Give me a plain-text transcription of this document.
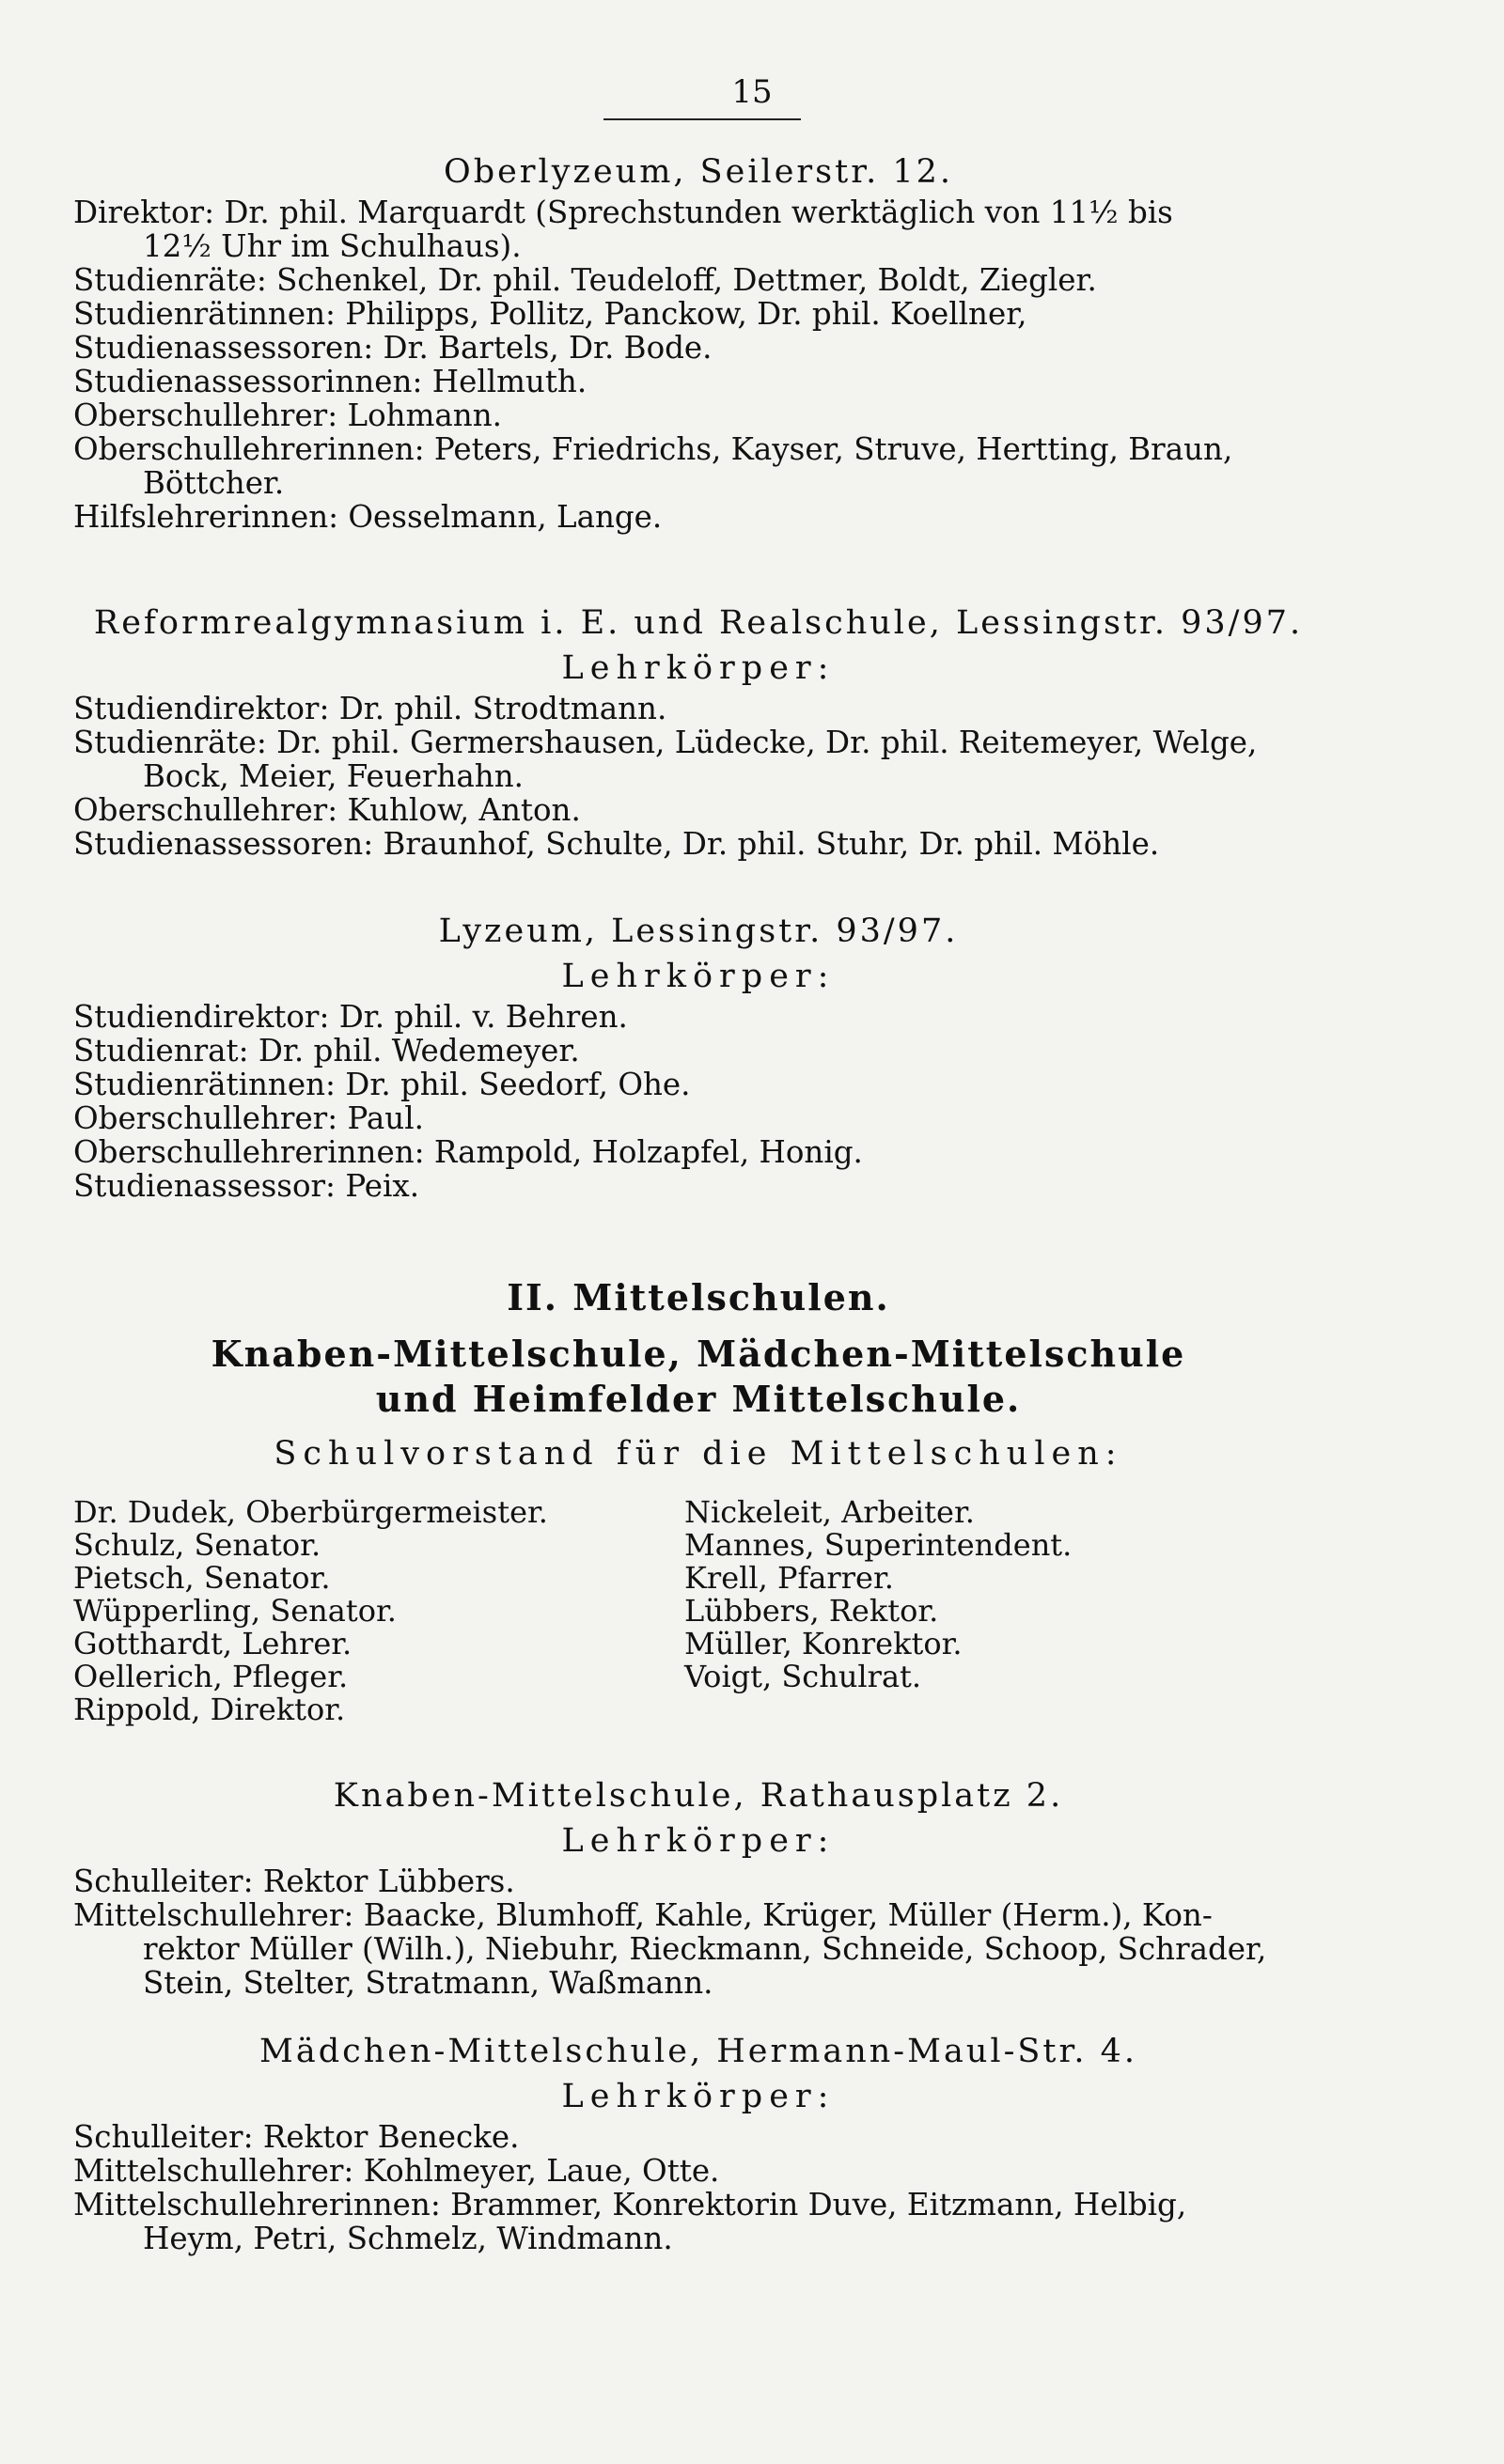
15
Oberlyzeum, Seilerstr. 12.
Direktor: Dr. phil. Marquardt (Sprechstunden werktäglich von 11½ bis
12½ Uhr im Schulhaus).
Studienräte: Schenkel, Dr. phil. Teudeloff, Dettmer, Boldt, Ziegler.
Studienrätinnen: Philipps, Pollitz, Panckow, Dr. phil. Koellner,
Studienassessoren: Dr. Bartels, Dr. Bode.
Studienassessorinnen: Hellmuth.
Oberschullehrer: Lohmann.
Oberschullehrerinnen: Peters, Friedrichs, Kayser, Struve, Hertting, Braun,
Böttcher.
Hilfslehrerinnen: Oesselmann, Lange.
Reformrealgymnasium i. E. und Realschule, Lessingstr. 93/97.
Lehrkörper:
Studiendirektor: Dr. phil. Strodtmann.
Studienräte: Dr. phil. Germershausen, Lüdecke, Dr. phil. Reitemeyer, Welge,
Bock, Meier, Feuerhahn.
Oberschullehrer: Kuhlow, Anton.
Studienassessoren: Braunhof, Schulte, Dr. phil. Stuhr, Dr. phil. Möhle.
Lyzeum, Lessingstr. 93/97.
Lehrkörper:
Studiendirektor: Dr. phil. v. Behren.
Studienrat: Dr. phil. Wedemeyer.
Studienrätinnen: Dr. phil. Seedorf, Ohe.
Oberschullehrer: Paul.
Oberschullehrerinnen: Rampold, Holzapfel, Honig.
Studienassessor: Peix.
II. Mittelschulen.
Knaben-Mittelschule, Mädchen-Mittelschule
und Heimfelder Mittelschule.
Schulvorstand für die Mittelschulen:
Dr. Dudek, Oberbürgermeister.
Schulz, Senator.
Pietsch, Senator.
Wüpperling, Senator.
Gotthardt, Lehrer.
Oellerich, Pfleger.
Rippold, Direktor.
Nickeleit, Arbeiter.
Mannes, Superintendent.
Krell, Pfarrer.
Lübbers, Rektor.
Müller, Konrektor.
Voigt, Schulrat.
Knaben-Mittelschule, Rathausplatz 2.
Lehrkörper:
Schulleiter: Rektor Lübbers.
Mittelschullehrer: Baacke, Blumhoff, Kahle, Krüger, Müller (Herm.), Kon-
rektor Müller (Wilh.), Niebuhr, Rieckmann, Schneide, Schoop, Schrader,
Stein, Stelter, Stratmann, Waßmann.
Mädchen-Mittelschule, Hermann-Maul-Str. 4.
Lehrkörper:
Schulleiter: Rektor Benecke.
Mittelschullehrer: Kohlmeyer, Laue, Otte.
Mittelschullehrerinnen: Brammer, Konrektorin Duve, Eitzmann, Helbig,
Heym, Petri, Schmelz, Windmann.
